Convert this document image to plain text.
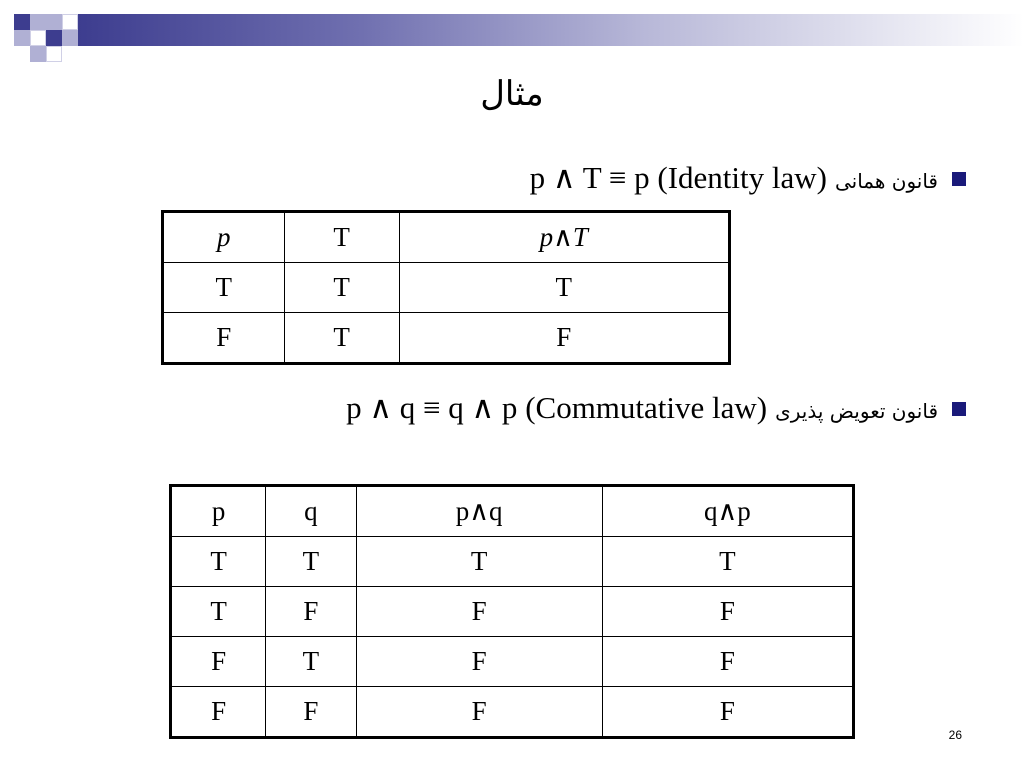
مثال
قانون همانی
p ∧ T ≡ p (Identity law)
p	T	p∧T
T	T	T
F	T	F
قانون تعویض پذیری
p ∧ q ≡ q ∧ p (Commutative law)
p	q	p∧q	q∧p
T	T	T	T
T	F	F	F
F	T	F	F
F	F	F	F
26
